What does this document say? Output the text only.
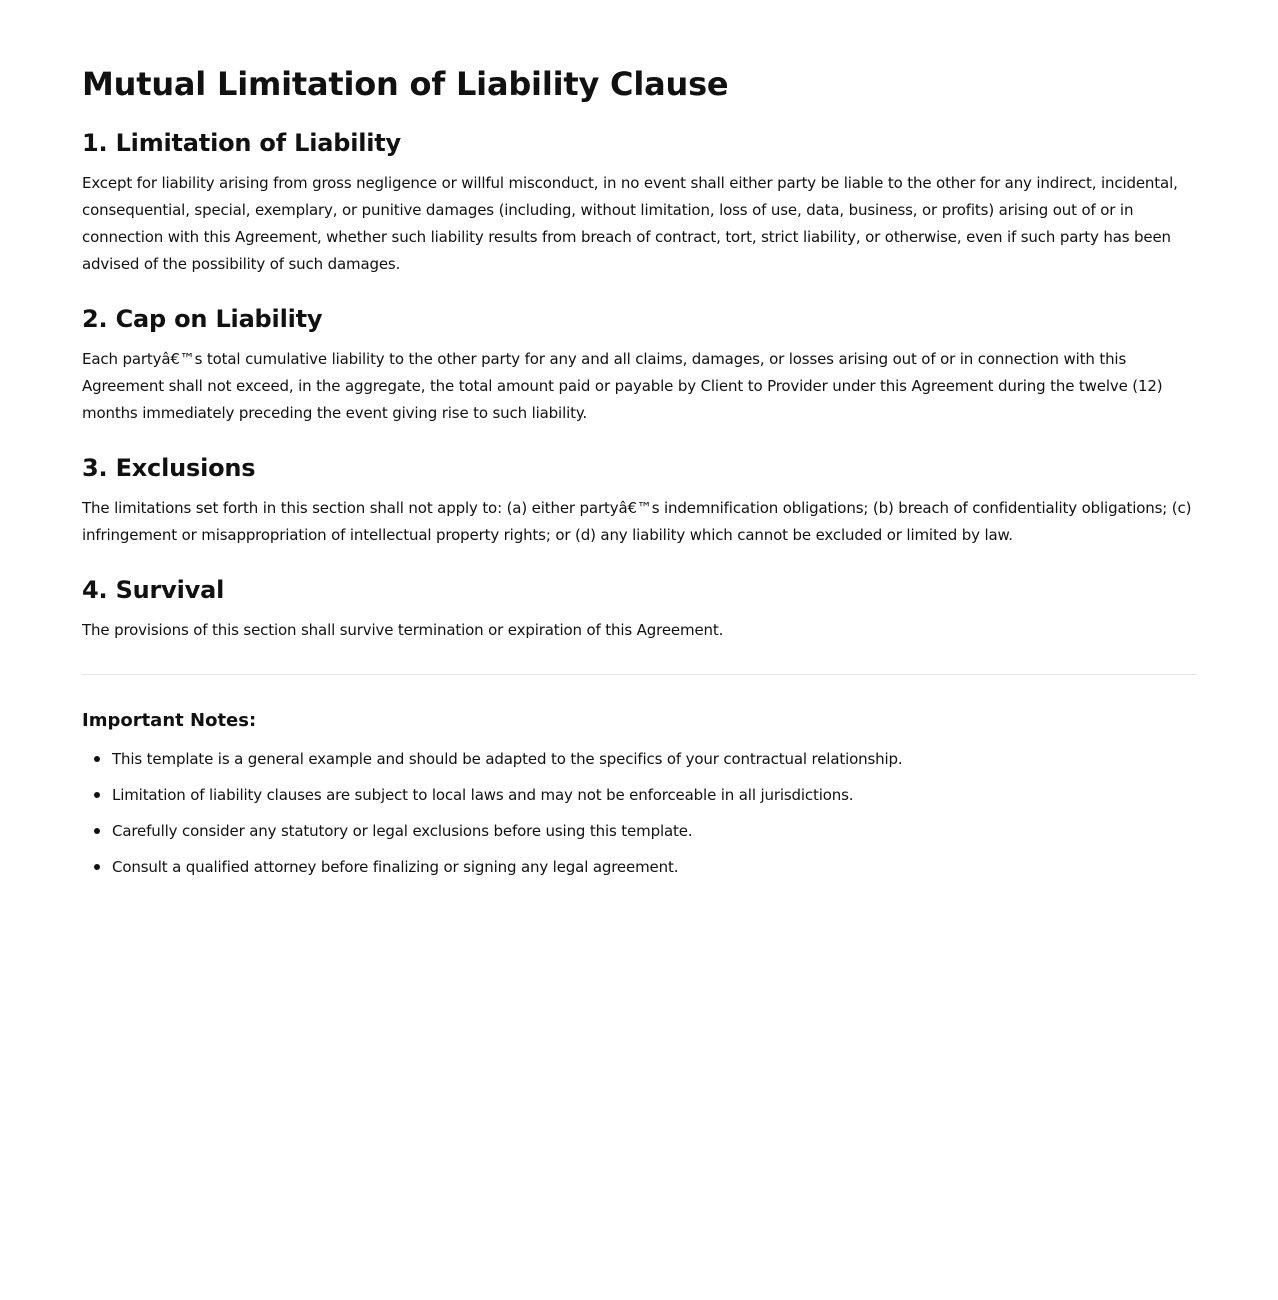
Mutual Limitation of Liability Clause
1. Limitation of Liability

Except for liability arising from gross negligence or willful misconduct, in no event shall either party be liable to the other for any indirect, incidental, consequential, special, exemplary, or punitive damages (including, without limitation, loss of use, data, business, or profits) arising out of or in connection with this Agreement, whether such liability results from breach of contract, tort, strict liability, or otherwise, even if such party has been advised of the possibility of such damages.

2. Cap on Liability

Each partyâ€™s total cumulative liability to the other party for any and all claims, damages, or losses arising out of or in connection with this Agreement shall not exceed, in the aggregate, the total amount paid or payable by Client to Provider under this Agreement during the twelve (12) months immediately preceding the event giving rise to such liability.

3. Exclusions

The limitations set forth in this section shall not apply to: (a) either partyâ€™s indemnification obligations; (b) breach of confidentiality obligations; (c) infringement or misappropriation of intellectual property rights; or (d) any liability which cannot be excluded or limited by law.

4. Survival

The provisions of this section shall survive termination or expiration of this Agreement.

Important Notes:
This template is a general example and should be adapted to the specifics of your contractual relationship.
Limitation of liability clauses are subject to local laws and may not be enforceable in all jurisdictions.
Carefully consider any statutory or legal exclusions before using this template.
Consult a qualified attorney before finalizing or signing any legal agreement.
